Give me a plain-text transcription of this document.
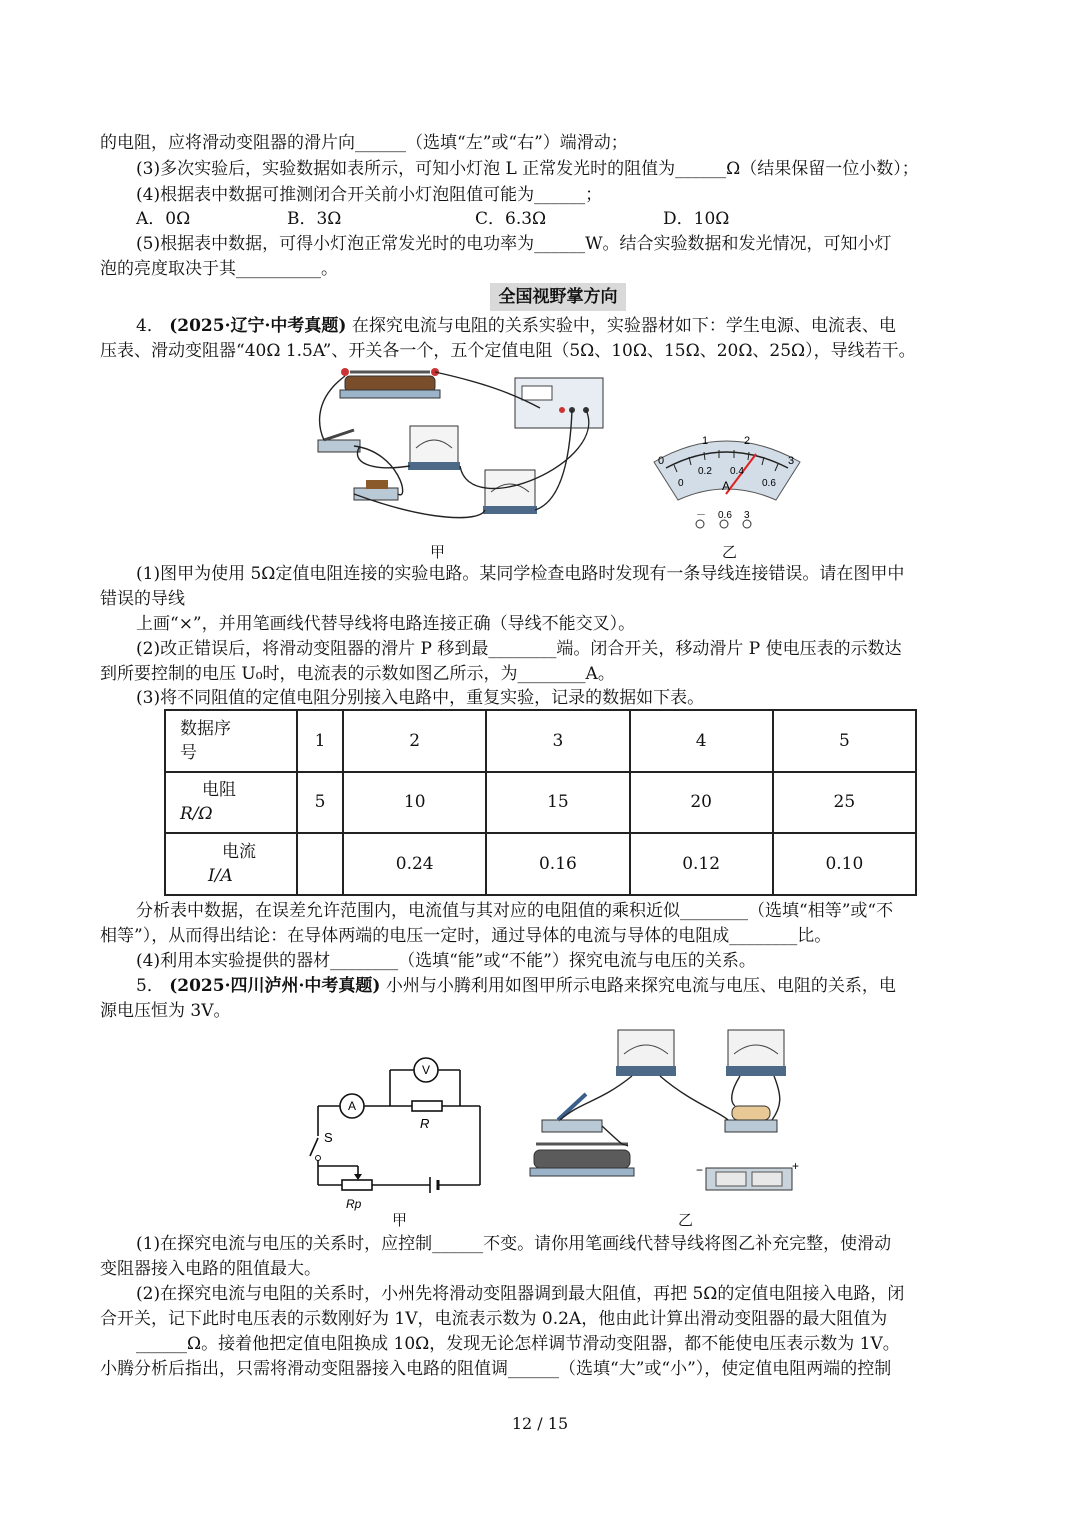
的电阻，应将滑动变阻器的滑片向______（选填“左”或“右”）端滑动；
(3)多次实验后，实验数据如表所示，可知小灯泡 L 正常发光时的阻值为______Ω（结果保留一位小数）；
(4)根据表中数据可推测闭合开关前小灯泡阻值可能为______；
A．0Ω	B．3Ω	C．6.3Ω	D．10Ω
(5)根据表中数据，可得小灯泡正常发光时的电功率为______W。结合实验数据和发光情况，可知小灯
泡的亮度取决于其__________。
全国视野掌方向
4． (2025·辽宁·中考真题) 在探究电流与电阻的关系实验中，实验器材如下：学生电源、电流表、电
压表、滑动变阻器“40Ω 1.5A”、开关各一个，五个定值电阻（5Ω、10Ω、15Ω、20Ω、25Ω），导线若干。
0
1	2
3
0
0.2 0.4
0.6
A
－ 0.6 3
甲	乙
(1)图甲为使用 5Ω定值电阻连接的实验电路。某同学检查电路时发现有一条导线连接错误。请在图甲中
错误的导线
上画“×”，并用笔画线代替导线将电路连接正确（导线不能交叉）。
(2)改正错误后，将滑动变阻器的滑片 P 移到最________端。闭合开关，移动滑片 P 使电压表的示数达
到所要控制的电压 U₀时，电流表的示数如图乙所示，为________A。
(3)将不同阻值的定值电阻分别接入电路中，重复实验，记录的数据如下表。
数据序
号	1	2	3	4	5
电阻
R/Ω	5	10	15	20	25
电流
I/A		0.24	0.16	0.12	0.10
分析表中数据，在误差允许范围内，电流值与其对应的电阻值的乘积近似________（选填“相等”或“不
相等”），从而得出结论：在导体两端的电压一定时，通过导体的电流与导体的电阻成________比。
(4)利用本实验提供的器材________（选填“能”或“不能”）探究电流与电压的关系。
5． (2025·四川泸州·中考真题) 小州与小腾利用如图甲所示电路来探究电流与电压、电阻的关系，电
源电压恒为 3V。
A
V
S
R
Rp
−	+
甲	乙
(1)在探究电流与电压的关系时，应控制______不变。请你用笔画线代替导线将图乙补充完整，使滑动
变阻器接入电路的阻值最大。
(2)在探究电流与电阻的关系时，小州先将滑动变阻器调到最大阻值，再把 5Ω的定值电阻接入电路，闭
合开关，记下此时电压表的示数刚好为 1V，电流表示数为 0.2A，他由此计算出滑动变阻器的最大阻值为
______Ω。接着他把定值电阻换成 10Ω，发现无论怎样调节滑动变阻器，都不能使电压表示数为 1V。
小腾分析后指出，只需将滑动变阻器接入电路的阻值调______（选填“大”或“小”），使定值电阻两端的控制
12 / 15
